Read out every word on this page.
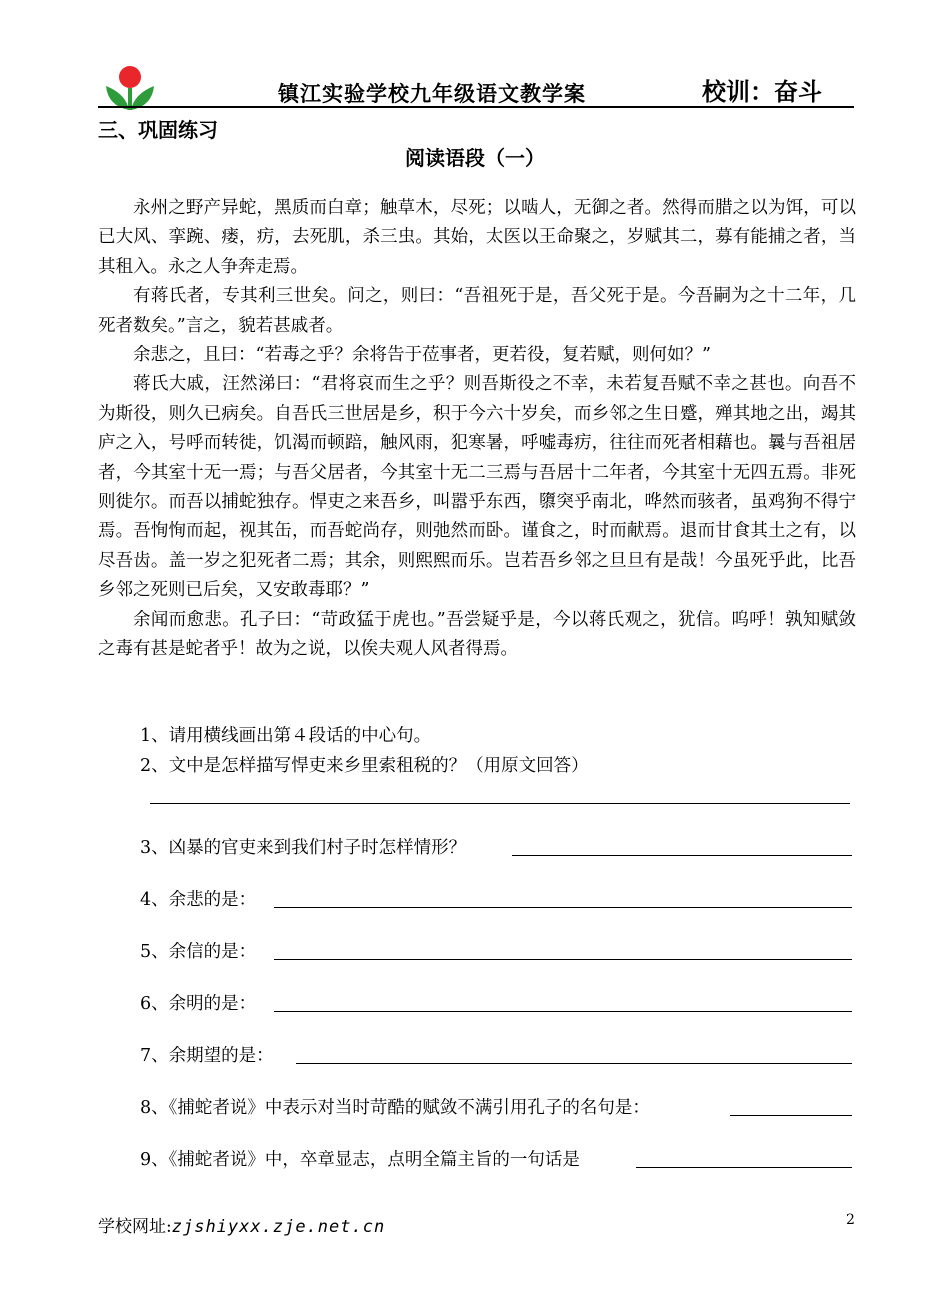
镇江实验学校九年级语文教学案	校训：奋斗
三、巩固练习
阅读语段（一）

永州之野产异蛇，黑质而白章；触草木，尽死；以啮人，无御之者。然得而腊之以为饵，可以已大风、挛踠、瘘，疠，去死肌，杀三虫。其始，太医以王命聚之，岁赋其二，募有能捕之者，当其租入。永之人争奔走焉。

有蒋氏者，专其利三世矣。问之，则曰：“吾祖死于是，吾父死于是。今吾嗣为之十二年，几死者数矣。”言之，貌若甚戚者。

余悲之，且曰：“若毒之乎？余将告于莅事者，更若役，复若赋，则何如？”

蒋氏大戚，汪然涕曰：“君将哀而生之乎？则吾斯役之不幸，未若复吾赋不幸之甚也。向吾不为斯役，则久已病矣。自吾氏三世居是乡，积于今六十岁矣，而乡邻之生日蹙，殚其地之出，竭其庐之入，号呼而转徙，饥渴而顿踣，触风雨，犯寒暑，呼嘘毒疠，往往而死者相藉也。曩与吾祖居者，今其室十无一焉；与吾父居者，今其室十无二三焉与吾居十二年者，今其室十无四五焉。非死则徙尔。而吾以捕蛇独存。悍吏之来吾乡，叫嚣乎东西，隳突乎南北，哗然而骇者，虽鸡狗不得宁焉。吾恂恂而起，视其缶，而吾蛇尚存，则弛然而卧。谨食之，时而献焉。退而甘食其土之有，以尽吾齿。盖一岁之犯死者二焉；其余，则熙熙而乐。岂若吾乡邻之旦旦有是哉！今虽死乎此，比吾乡邻之死则已后矣，又安敢毒耶？”

余闻而愈悲。孔子曰：“苛政猛于虎也。”吾尝疑乎是，今以蒋氏观之，犹信。呜呼！孰知赋敛之毒有甚是蛇者乎！故为之说，以俟夫观人风者得焉。

1、请用横线画出第４段话的中心句。
2、文中是怎样描写悍吏来乡里索租税的？（用原文回答）
3、凶暴的官吏来到我们村子时怎样情形？
4、余悲的是：
5、余信的是：
6、余明的是：
7、余期望的是：
8、《捕蛇者说》中表示对当时苛酷的赋敛不满引用孔子的名句是：
9、《捕蛇者说》中，卒章显志，点明全篇主旨的一句话是
学校网址:zjshiyxx.zje.net.cn	2
